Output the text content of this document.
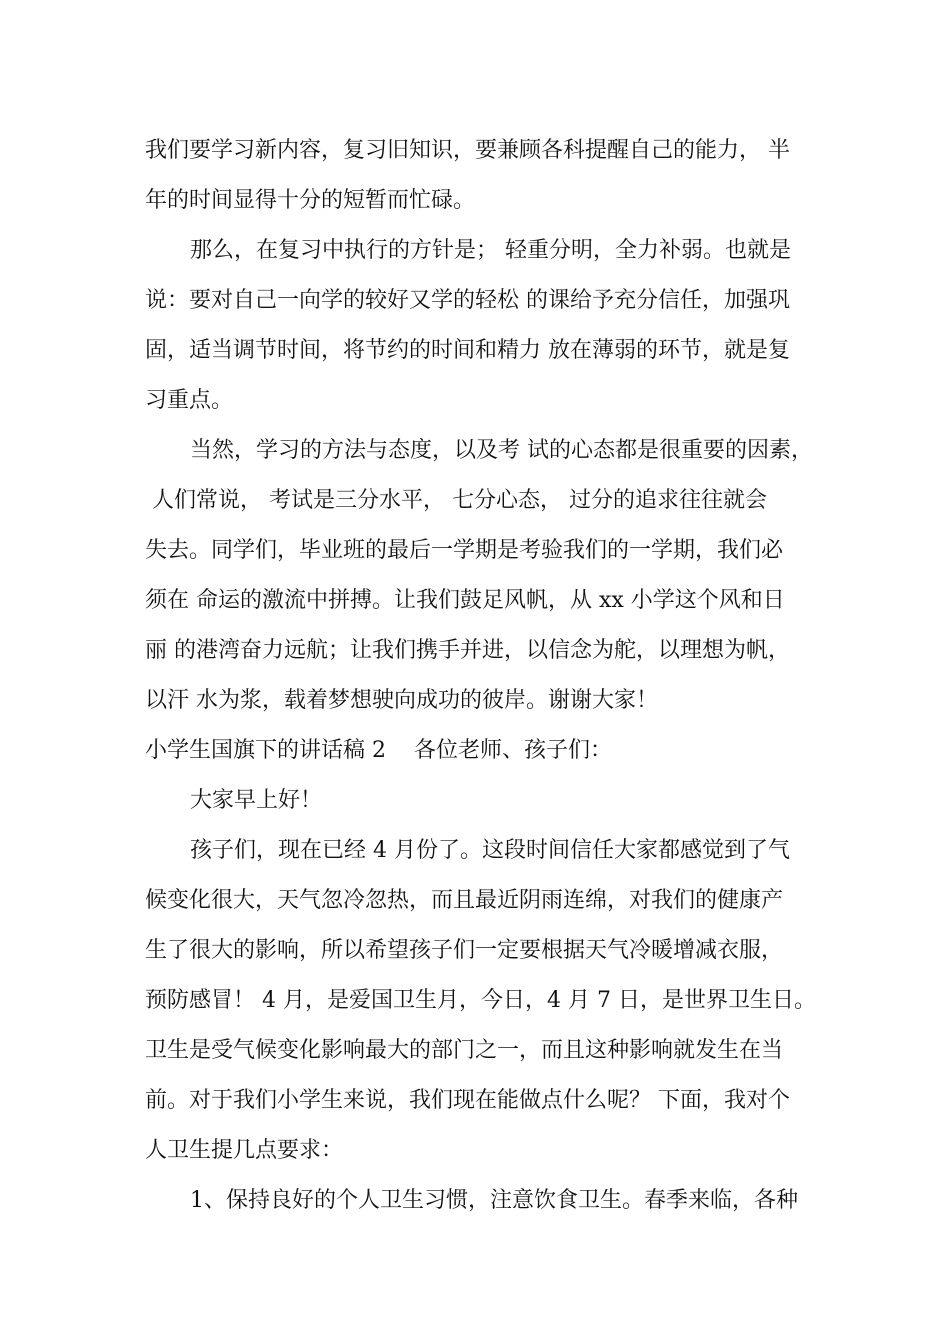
我们要学习新内容，复习旧知识，要兼顾各科提醒自己的能力， 半
年的时间显得十分的短暂而忙碌。
那么，在复习中执行的方针是； 轻重分明，全力补弱。也就是
说：要对自己一向学的较好又学的轻松 的课给予充分信任，加强巩
固，适当调节时间，将节约的时间和精力 放在薄弱的环节，就是复
习重点。
当然，学习的方法与态度，以及考 试的心态都是很重要的因素，
人们常说， 考试是三分水平， 七分心态， 过分的追求往往就会
失去。同学们，毕业班的最后一学期是考验我们的一学期，我们必
须在 命运的激流中拼搏。让我们鼓足风帆，从 xx 小学这个风和日
丽 的港湾奋力远航；让我们携手并进，以信念为舵，以理想为帆，
以汗 水为浆，载着梦想驶向成功的彼岸。谢谢大家！
小学生国旗下的讲话稿 2    各位老师、孩子们：
大家早上好！
孩子们，现在已经 4 月份了。这段时间信任大家都感觉到了气
候变化很大，天气忽冷忽热，而且最近阴雨连绵，对我们的健康产
生了很大的影响，所以希望孩子们一定要根据天气冷暖增减衣服，
预防感冒！ 4 月，是爱国卫生月，今日，4 月 7 日，是世界卫生日。
卫生是受气候变化影响最大的部门之一，而且这种影响就发生在当
前。对于我们小学生来说，我们现在能做点什么呢？ 下面，我对个
人卫生提几点要求：
1、保持良好的个人卫生习惯，注意饮食卫生。春季来临，各种
